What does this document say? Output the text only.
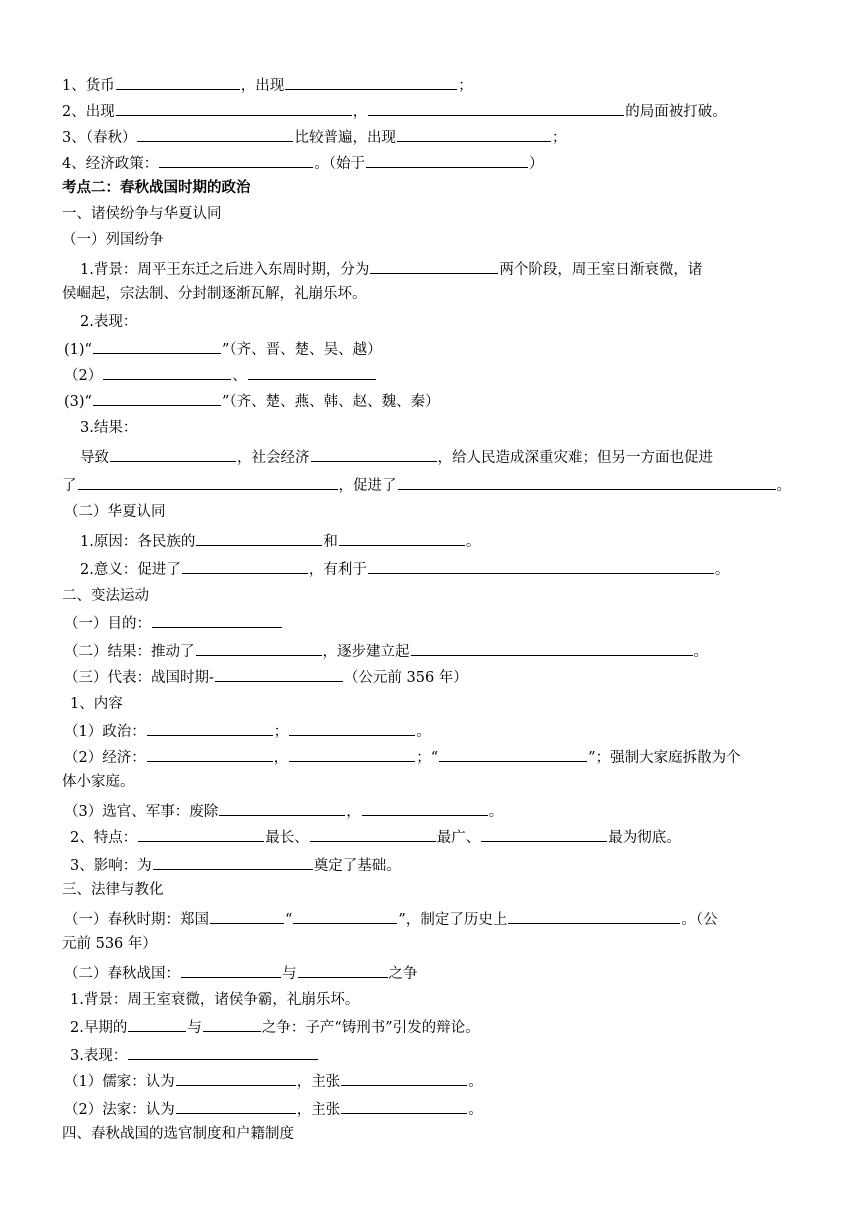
1、货币	，出现	；
2、出现	，	的局面被打破。
3、（春秋）	比较普遍，出现	；
4、经济政策：	。（始于	）
考点二：春秋战国时期的政治
一、诸侯纷争与华夏认同
（一）列国纷争
1.背景：周平王东迁之后进入东周时期，分为	两个阶段，周王室日渐衰微，诸
侯崛起，宗法制、分封制逐渐瓦解，礼崩乐坏。
2.表现：
(1)“	”（齐、晋、楚、吴、越）
（2）	、
(3)“	”（齐、楚、燕、韩、赵、魏、秦）
3.结果：
导致	，社会经济	，给人民造成深重灾难；但另一方面也促进
了	，促进了	。
（二）华夏认同
1.原因：各民族的	和	。
2.意义：促进了	，有利于	。
二、变法运动
（一）目的：
（二）结果：推动了	，逐步建立起	。
（三）代表：战国时期-	（公元前 356 年）
1、内容
（1）政治：	；	。
（2）经济：	，	；“	”；强制大家庭拆散为个
体小家庭。
（3）选官、军事：废除	，	。
2、特点：	最长、	最广、	最为彻底。
3、影响：为	奠定了基础。
三、法律与教化
（一）春秋时期：郑国	“	”，制定了历史上	。（公
元前 536 年）
（二）春秋战国：	与	之争
1.背景：周王室衰微，诸侯争霸，礼崩乐坏。
2.早期的	与	之争：子产“铸刑书”引发的辩论。
3.表现：
（1）儒家：认为	，主张	。
（2）法家：认为	，主张	。
四、春秋战国的选官制度和户籍制度
